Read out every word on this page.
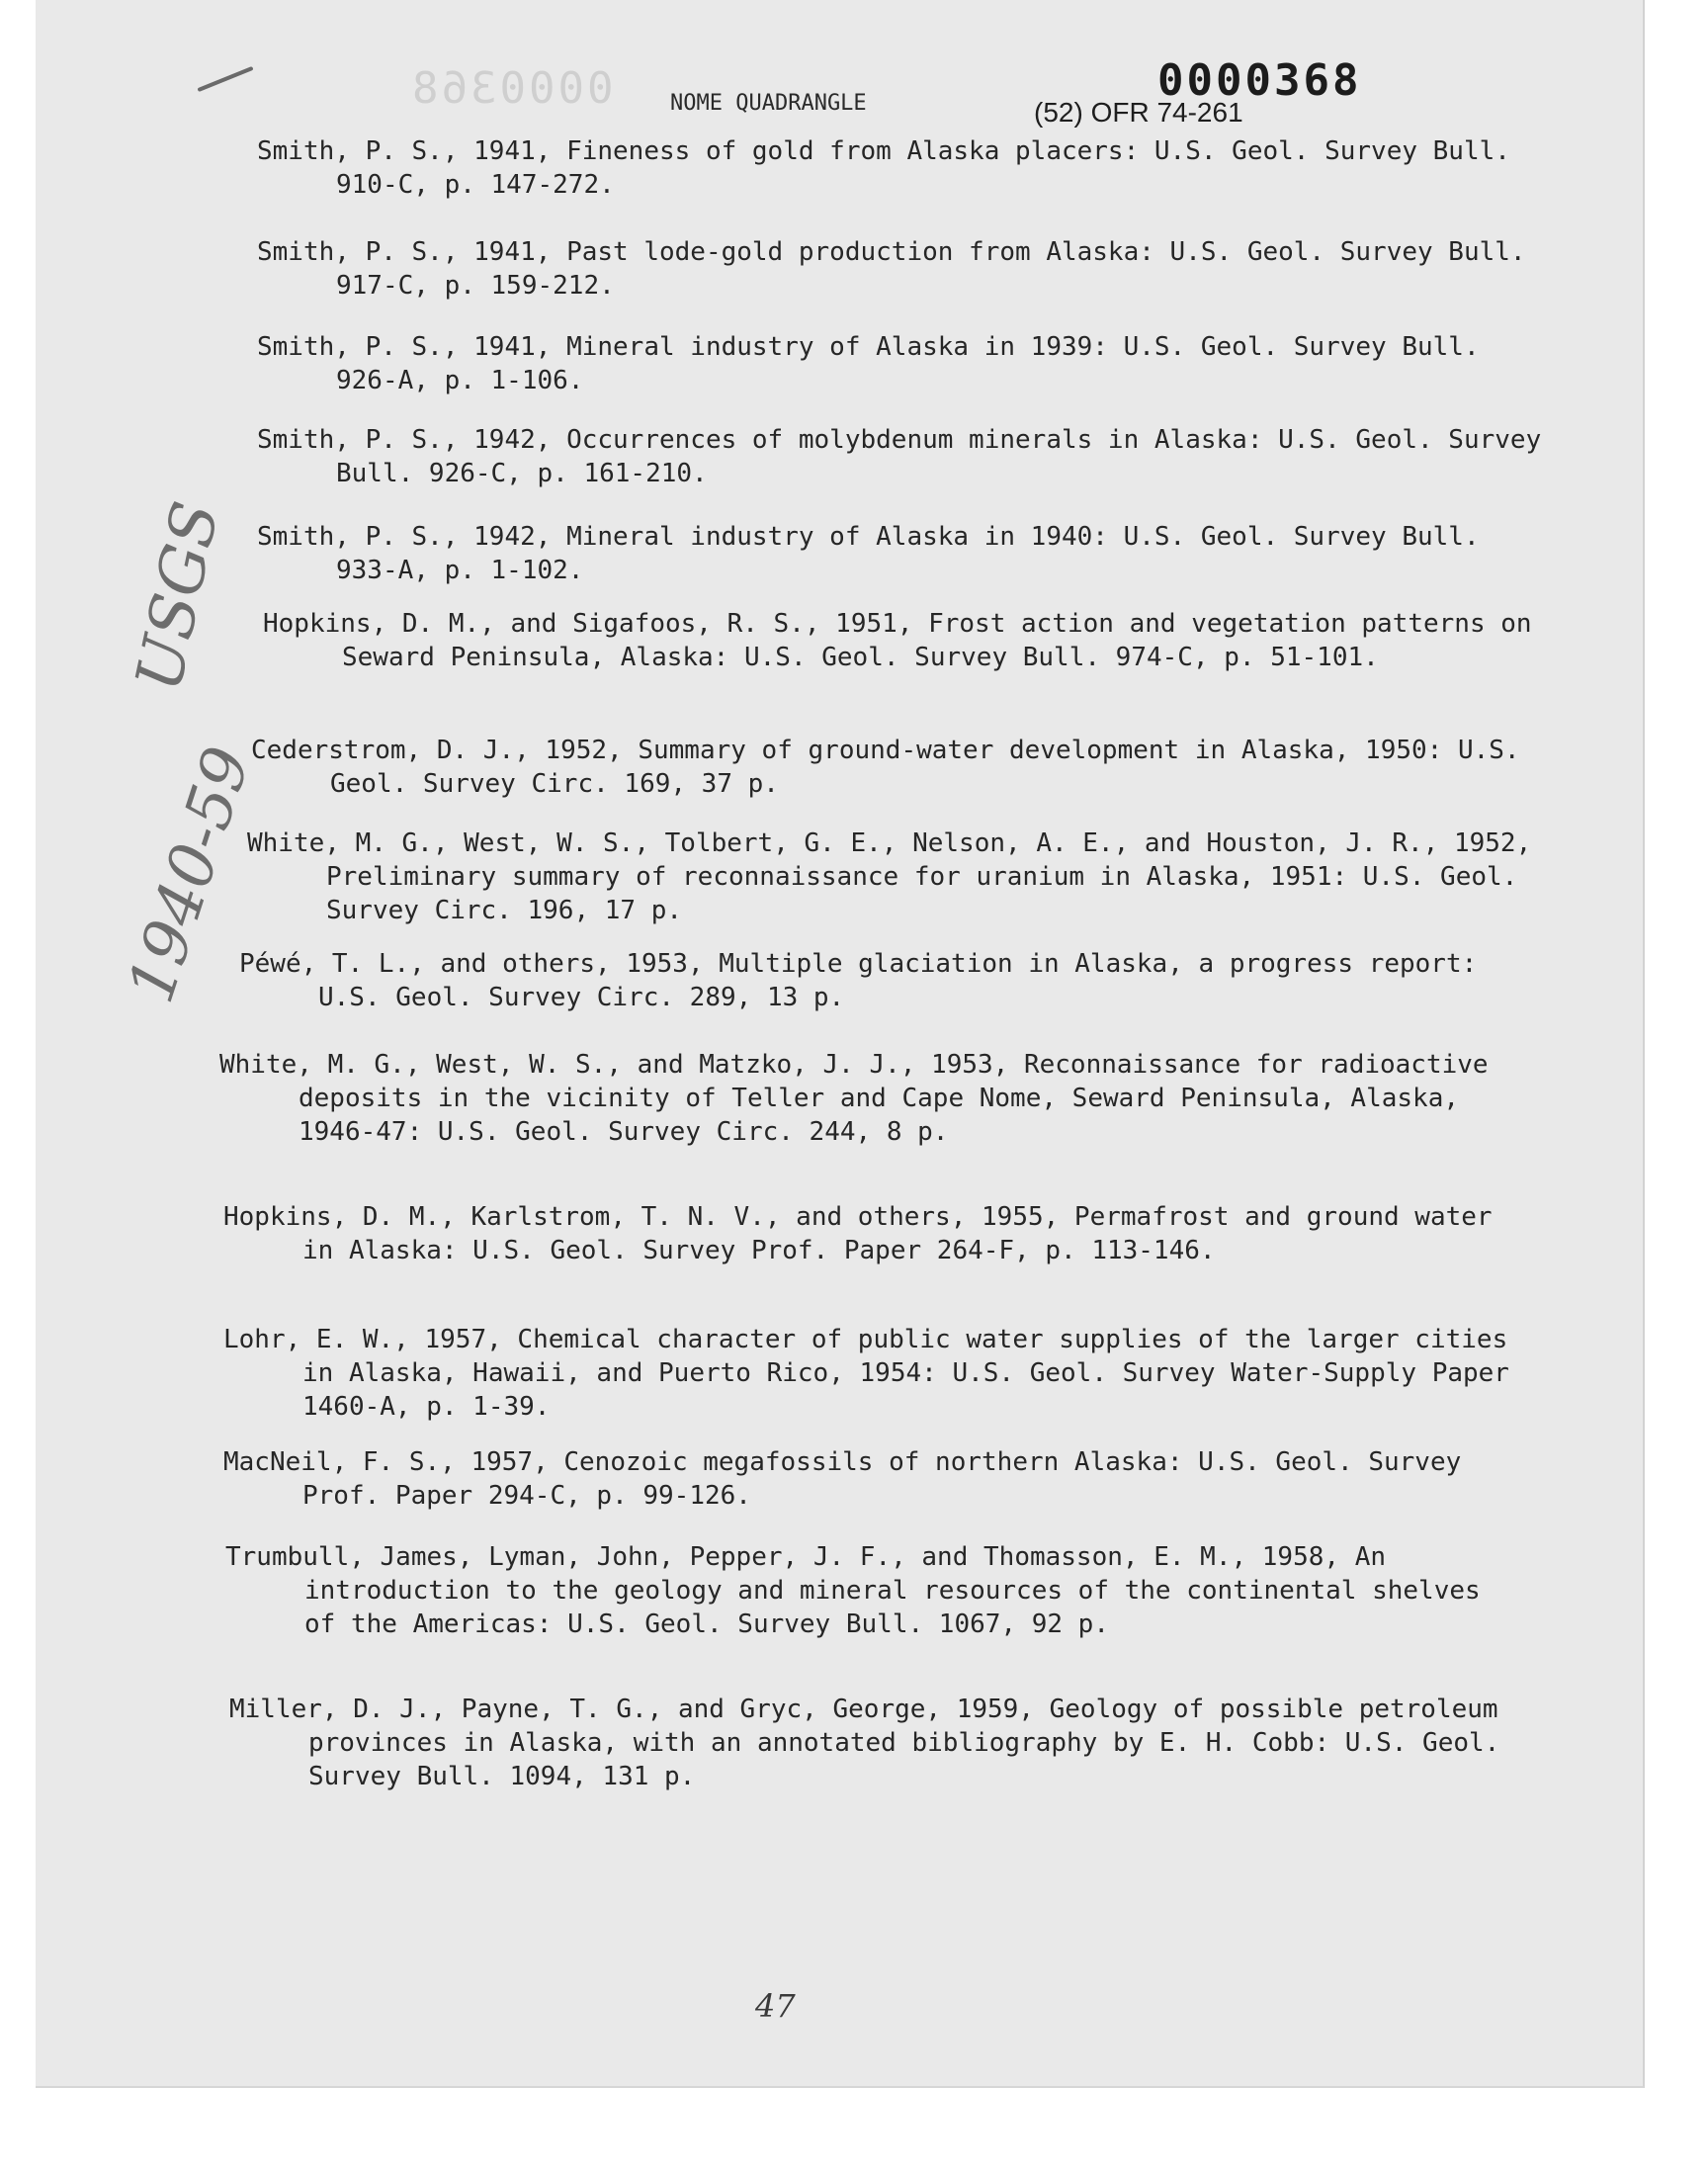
0000368	0000368
NOME QUADRANGLE	(52) OFR 74-261
USGS
1940-59
Smith, P. S., 1941, Fineness of gold from Alaska placers: U.S. Geol. Survey Bull. 910-C, p. 147-272.
Smith, P. S., 1941, Past lode-gold production from Alaska: U.S. Geol. Survey Bull. 917-C, p. 159-212.
Smith, P. S., 1941, Mineral industry of Alaska in 1939: U.S. Geol. Survey Bull. 926-A, p. 1-106.
Smith, P. S., 1942, Occurrences of molybdenum minerals in Alaska: U.S. Geol. Survey Bull. 926-C, p. 161-210.
Smith, P. S., 1942, Mineral industry of Alaska in 1940: U.S. Geol. Survey Bull. 933-A, p. 1-102.
Hopkins, D. M., and Sigafoos, R. S., 1951, Frost action and vegetation patterns on Seward Peninsula, Alaska: U.S. Geol. Survey Bull. 974-C, p. 51-101.
Cederstrom, D. J., 1952, Summary of ground-water development in Alaska, 1950: U.S. Geol. Survey Circ. 169, 37 p.
White, M. G., West, W. S., Tolbert, G. E., Nelson, A. E., and Houston, J. R., 1952, Preliminary summary of reconnaissance for uranium in Alaska, 1951: U.S. Geol. Survey Circ. 196, 17 p.
Péwé, T. L., and others, 1953, Multiple glaciation in Alaska, a progress report: U.S. Geol. Survey Circ. 289, 13 p.
White, M. G., West, W. S., and Matzko, J. J., 1953, Reconnaissance for radioactive deposits in the vicinity of Teller and Cape Nome, Seward Peninsula, Alaska, 1946-47: U.S. Geol. Survey Circ. 244, 8 p.
Hopkins, D. M., Karlstrom, T. N. V., and others, 1955, Permafrost and ground water in Alaska: U.S. Geol. Survey Prof. Paper 264-F, p. 113-146.
Lohr, E. W., 1957, Chemical character of public water supplies of the larger cities in Alaska, Hawaii, and Puerto Rico, 1954: U.S. Geol. Survey Water-Supply Paper 1460-A, p. 1-39.
MacNeil, F. S., 1957, Cenozoic megafossils of northern Alaska: U.S. Geol. Survey Prof. Paper 294-C, p. 99-126.
Trumbull, James, Lyman, John, Pepper, J. F., and Thomasson, E. M., 1958, An introduction to the geology and mineral resources of the continental shelves of the Americas: U.S. Geol. Survey Bull. 1067, 92 p.
Miller, D. J., Payne, T. G., and Gryc, George, 1959, Geology of possible petroleum provinces in Alaska, with an annotated bibliography by E. H. Cobb: U.S. Geol. Survey Bull. 1094, 131 p.
47
